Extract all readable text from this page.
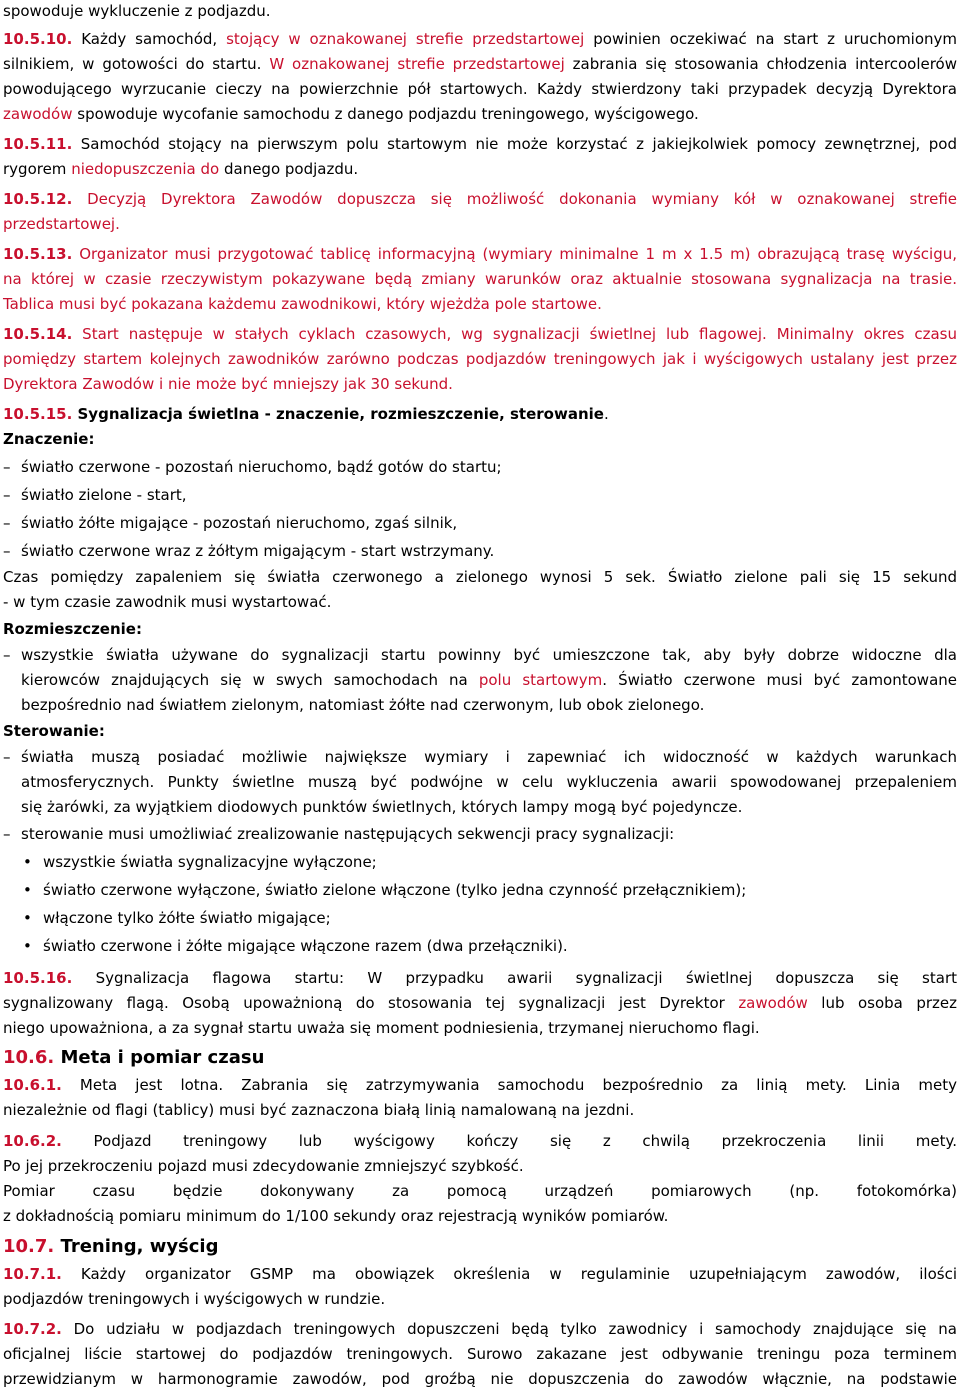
spowoduje wykluczenie z podjazdu.
10.5.10. Każdy samochód, stojący w oznakowanej strefie przedstartowej powinien oczekiwać na start z uruchomionym
silnikiem, w gotowości do startu. W oznakowanej strefie przedstartowej zabrania się stosowania chłodzenia intercoolerów
powodującego wyrzucanie cieczy na powierzchnie pół startowych. Każdy stwierdzony taki przypadek decyzją Dyrektora
zawodów spowoduje wycofanie samochodu z danego podjazdu treningowego, wyścigowego.
10.5.11. Samochód stojący na pierwszym polu startowym nie może korzystać z jakiejkolwiek pomocy zewnętrznej, pod
rygorem niedopuszczenia do danego podjazdu.
10.5.12. Decyzją Dyrektora Zawodów dopuszcza się możliwość dokonania wymiany kół w oznakowanej strefie
przedstartowej.
10.5.13. Organizator musi przygotować tablicę informacyjną (wymiary minimalne 1 m x 1.5 m) obrazującą trasę wyścigu,
na której w czasie rzeczywistym pokazywane będą zmiany warunków oraz aktualnie stosowana sygnalizacja na trasie.
Tablica musi być pokazana każdemu zawodnikowi, który wjeżdża pole startowe.
10.5.14. Start następuje w stałych cyklach czasowych, wg sygnalizacji świetlnej lub flagowej. Minimalny okres czasu
pomiędzy startem kolejnych zawodników zarówno podczas podjazdów treningowych jak i wyścigowych ustalany jest przez
Dyrektora Zawodów i nie może być mniejszy jak 30 sekund.
10.5.15. Sygnalizacja świetlna - znaczenie, rozmieszczenie, sterowanie.
Znaczenie:
– światło czerwone - pozostań nieruchomo, bądź gotów do startu;
– światło zielone - start,
– światło żółte migające - pozostań nieruchomo, zgaś silnik,
– światło czerwone wraz z żółtym migającym - start wstrzymany.
Czas pomiędzy zapaleniem się światła czerwonego a zielonego wynosi 5 sek. Światło zielone pali się 15 sekund
- w tym czasie zawodnik musi wystartować.
Rozmieszczenie:
– wszystkie światła używane do sygnalizacji startu powinny być umieszczone tak, aby były dobrze widoczne dla
kierowców znajdujących się w swych samochodach na polu startowym. Światło czerwone musi być zamontowane
bezpośrednio nad światłem zielonym, natomiast żółte nad czerwonym, lub obok zielonego.
Sterowanie:
– światła muszą posiadać możliwie największe wymiary i zapewniać ich widoczność w każdych warunkach
atmosferycznych. Punkty świetlne muszą być podwójne w celu wykluczenia awarii spowodowanej przepaleniem
się żarówki, za wyjątkiem diodowych punktów świetlnych, których lampy mogą być pojedyncze.
– sterowanie musi umożliwiać zrealizowanie następujących sekwencji pracy sygnalizacji:
• wszystkie światła sygnalizacyjne wyłączone;
• światło czerwone wyłączone, światło zielone włączone (tylko jedna czynność przełącznikiem);
• włączone tylko żółte światło migające;
• światło czerwone i żółte migające włączone razem (dwa przełączniki).
10.5.16. Sygnalizacja flagowa startu: W przypadku awarii sygnalizacji świetlnej dopuszcza się start
sygnalizowany flagą. Osobą upoważnioną do stosowania tej sygnalizacji jest Dyrektor zawodów lub osoba przez
niego upoważniona, a za sygnał startu uważa się moment podniesienia, trzymanej nieruchomo flagi.
10.6. Meta i pomiar czasu
10.6.1. Meta jest lotna. Zabrania się zatrzymywania samochodu bezpośrednio za linią mety. Linia mety
niezależnie od flagi (tablicy) musi być zaznaczona białą linią namalowaną na jezdni.
10.6.2. Podjazd treningowy lub wyścigowy kończy się z chwilą przekroczenia linii mety.
Po jej przekroczeniu pojazd musi zdecydowanie zmniejszyć szybkość.
Pomiar czasu będzie dokonywany za pomocą urządzeń pomiarowych (np. fotokomórka)
z dokładnością pomiaru minimum do 1/100 sekundy oraz rejestracją wyników pomiarów.
10.7. Trening, wyścig
10.7.1. Każdy organizator GSMP ma obowiązek określenia w regulaminie uzupełniającym zawodów, ilości
podjazdów treningowych i wyścigowych w rundzie.
10.7.2. Do udziału w podjazdach treningowych dopuszczeni będą tylko zawodnicy i samochody znajdujące się na
oficjalnej liście startowej do podjazdów treningowych. Surowo zakazane jest odbywanie treningu poza terminem
przewidzianym w harmonogramie zawodów, pod groźbą nie dopuszczenia do zawodów włącznie, na podstawie
